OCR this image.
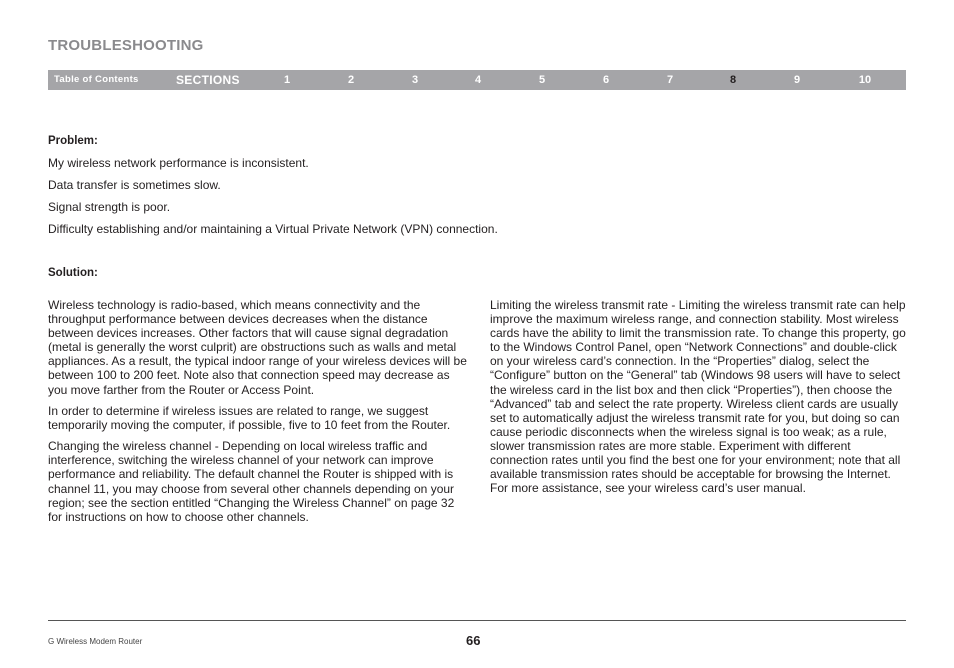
TROUBLESHOOTING
Table of Contents	SECTIONS	1	2	3	4	5	6	7	8	9	10
Problem:
My wireless network performance is inconsistent.
Data transfer is sometimes slow.
Signal strength is poor.
Difficulty establishing and/or maintaining a Virtual Private Network (VPN) connection.
Solution:

Wireless technology is radio-based, which means connectivity and the throughput performance between devices decreases when the distance between devices increases. Other factors that will cause signal degradation (metal is generally the worst culprit) are obstructions such as walls and metal appliances. As a result, the typical indoor range of your wireless devices will be between 100 to 200 feet. Note also that connection speed may decrease as you move farther from the Router or Access Point.

In order to determine if wireless issues are related to range, we suggest temporarily moving the computer, if possible, five to 10 feet from the Router.

Changing the wireless channel - Depending on local wireless traffic and interference, switching the wireless channel of your network can improve performance and reliability. The default channel the Router is shipped with is channel 11, you may choose from several other channels depending on your region; see the section entitled “Changing the Wireless Channel” on page 32 for instructions on how to choose other channels.

Limiting the wireless transmit rate - Limiting the wireless transmit rate can help improve the maximum wireless range, and connection stability. Most wireless cards have the ability to limit the transmission rate. To change this property, go to the Windows Control Panel, open “Network Connections” and double-click on your wireless card’s connection. In the “Properties” dialog, select the “Configure” button on the “General” tab (Windows 98 users will have to select the wireless card in the list box and then click “Properties”), then choose the “Advanced” tab and select the rate property. Wireless client cards are usually set to automatically adjust the wireless transmit rate for you, but doing so can cause periodic disconnects when the wireless signal is too weak; as a rule, slower transmission rates are more stable. Experiment with different connection rates until you find the best one for your environment; note that all available transmission rates should be acceptable for browsing the Internet. For more assistance, see your wireless card’s user manual.

G Wireless Modem Router	66
